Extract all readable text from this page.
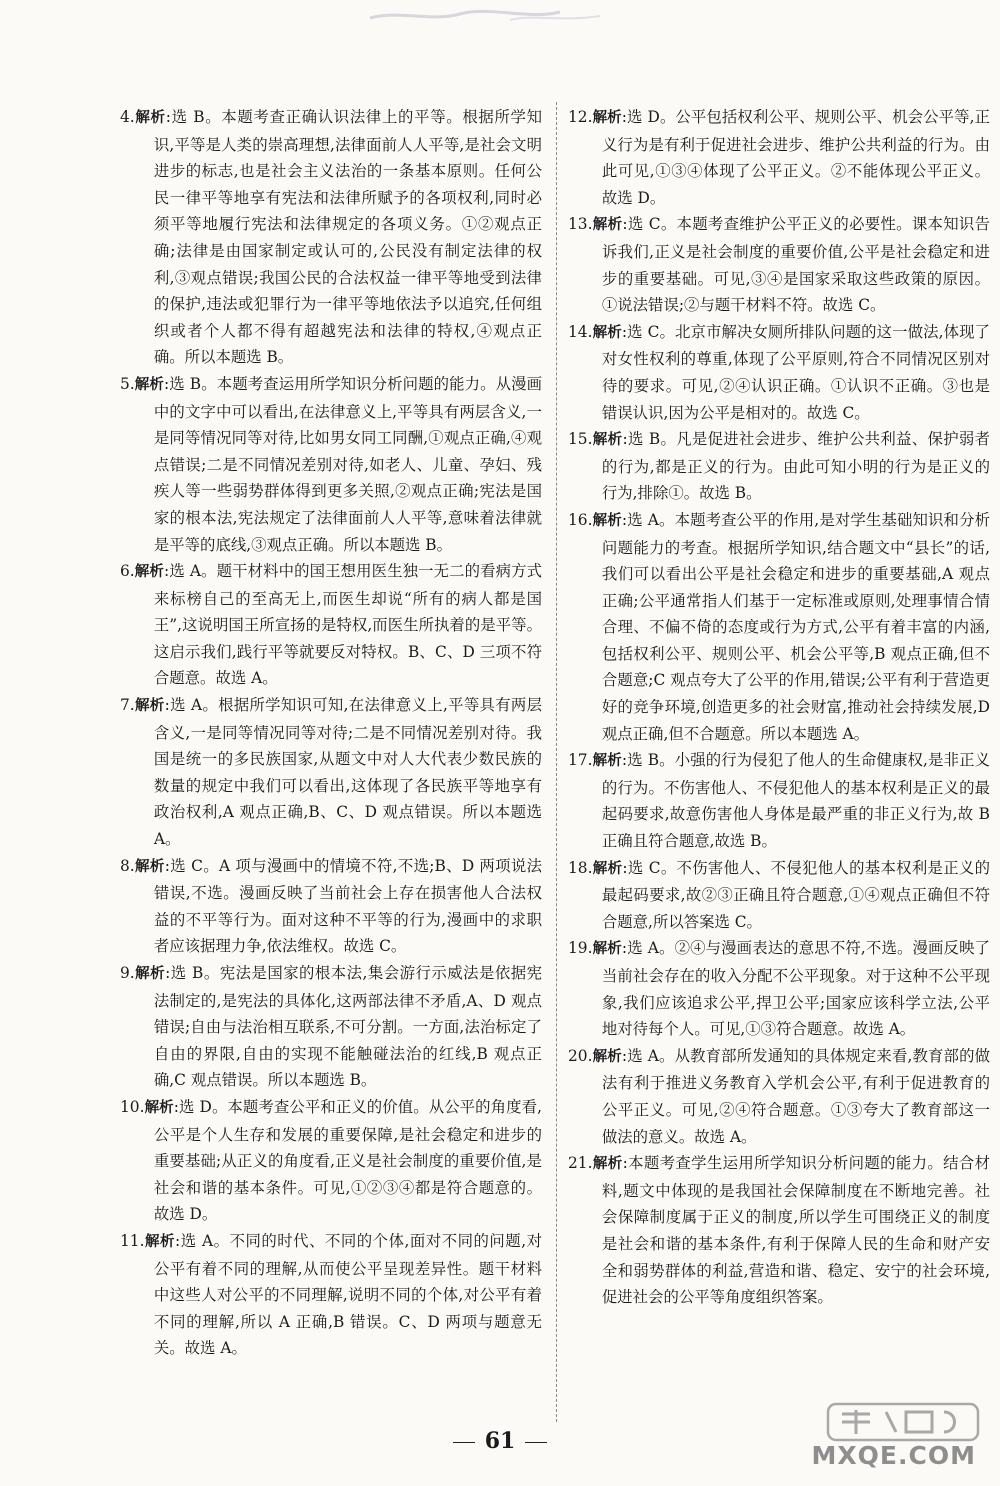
4.解析:选 B。本题考查正确认识法律上的平等。根据所学知识,平等是人类的崇高理想,法律面前人人平等,是社会文明进步的标志,也是社会主义法治的一条基本原则。任何公民一律平等地享有宪法和法律所赋予的各项权利,同时必须平等地履行宪法和法律规定的各项义务。①②观点正确;法律是由国家制定或认可的,公民没有制定法律的权利,③观点错误;我国公民的合法权益一律平等地受到法律的保护,违法或犯罪行为一律平等地依法予以追究,任何组织或者个人都不得有超越宪法和法律的特权,④观点正确。所以本题选 B。
5.解析:选 B。本题考查运用所学知识分析问题的能力。从漫画中的文字中可以看出,在法律意义上,平等具有两层含义,一是同等情况同等对待,比如男女同工同酬,①观点正确,④观点错误;二是不同情况差别对待,如老人、儿童、孕妇、残疾人等一些弱势群体得到更多关照,②观点正确;宪法是国家的根本法,宪法规定了法律面前人人平等,意味着法律就是平等的底线,③观点正确。所以本题选 B。
6.解析:选 A。题干材料中的国王想用医生独一无二的看病方式来标榜自己的至高无上,而医生却说“所有的病人都是国王”,这说明国王所宣扬的是特权,而医生所执着的是平等。这启示我们,践行平等就要反对特权。B、C、D 三项不符合题意。故选 A。
7.解析:选 A。根据所学知识可知,在法律意义上,平等具有两层含义,一是同等情况同等对待;二是不同情况差别对待。我国是统一的多民族国家,从题文中对人大代表少数民族的数量的规定中我们可以看出,这体现了各民族平等地享有政治权利,A 观点正确,B、C、D 观点错误。所以本题选 A。
8.解析:选 C。A 项与漫画中的情境不符,不选;B、D 两项说法错误,不选。漫画反映了当前社会上存在损害他人合法权益的不平等行为。面对这种不平等的行为,漫画中的求职者应该据理力争,依法维权。故选 C。
9.解析:选 B。宪法是国家的根本法,集会游行示威法是依据宪法制定的,是宪法的具体化,这两部法律不矛盾,A、D 观点错误;自由与法治相互联系,不可分割。一方面,法治标定了自由的界限,自由的实现不能触碰法治的红线,B 观点正确,C 观点错误。所以本题选 B。
10.解析:选 D。本题考查公平和正义的价值。从公平的角度看,公平是个人生存和发展的重要保障,是社会稳定和进步的重要基础;从正义的角度看,正义是社会制度的重要价值,是社会和谐的基本条件。可见,①②③④都是符合题意的。故选 D。
11.解析:选 A。不同的时代、不同的个体,面对不同的问题,对公平有着不同的理解,从而使公平呈现差异性。题干材料中这些人对公平的不同理解,说明不同的个体,对公平有着不同的理解,所以 A 正确,B 错误。C、D 两项与题意无关。故选 A。
12.解析:选 D。公平包括权利公平、规则公平、机会公平等,正义行为是有利于促进社会进步、维护公共利益的行为。由此可见,①③④体现了公平正义。②不能体现公平正义。故选 D。
13.解析:选 C。本题考查维护公平正义的必要性。课本知识告诉我们,正义是社会制度的重要价值,公平是社会稳定和进步的重要基础。可见,③④是国家采取这些政策的原因。①说法错误;②与题干材料不符。故选 C。
14.解析:选 C。北京市解决女厕所排队问题的这一做法,体现了对女性权利的尊重,体现了公平原则,符合不同情况区别对待的要求。可见,②④认识正确。①认识不正确。③也是错误认识,因为公平是相对的。故选 C。
15.解析:选 B。凡是促进社会进步、维护公共利益、保护弱者的行为,都是正义的行为。由此可知小明的行为是正义的行为,排除①。故选 B。
16.解析:选 A。本题考查公平的作用,是对学生基础知识和分析问题能力的考查。根据所学知识,结合题文中“县长”的话,我们可以看出公平是社会稳定和进步的重要基础,A 观点正确;公平通常指人们基于一定标准或原则,处理事情合情合理、不偏不倚的态度或行为方式,公平有着丰富的内涵,包括权利公平、规则公平、机会公平等,B 观点正确,但不合题意;C 观点夸大了公平的作用,错误;公平有利于营造更好的竞争环境,创造更多的社会财富,推动社会持续发展,D 观点正确,但不合题意。所以本题选 A。
17.解析:选 B。小强的行为侵犯了他人的生命健康权,是非正义的行为。不伤害他人、不侵犯他人的基本权利是正义的最起码要求,故意伤害他人身体是最严重的非正义行为,故 B 正确且符合题意,故选 B。
18.解析:选 C。不伤害他人、不侵犯他人的基本权利是正义的最起码要求,故②③正确且符合题意,①④观点正确但不符合题意,所以答案选 C。
19.解析:选 A。②④与漫画表达的意思不符,不选。漫画反映了当前社会存在的收入分配不公平现象。对于这种不公平现象,我们应该追求公平,捍卫公平;国家应该科学立法,公平地对待每个人。可见,①③符合题意。故选 A。
20.解析:选 A。从教育部所发通知的具体规定来看,教育部的做法有利于推进义务教育入学机会公平,有利于促进教育的公平正义。可见,②④符合题意。①③夸大了教育部这一做法的意义。故选 A。
21.解析:本题考查学生运用所学知识分析问题的能力。结合材料,题文中体现的是我国社会保障制度在不断地完善。社会保障制度属于正义的制度,所以学生可围绕正义的制度是社会和谐的基本条件,有利于保障人民的生命和财产安全和弱势群体的利益,营造和谐、稳定、安宁的社会环境,促进社会的公平等角度组织答案。
61	MXQE.COM
